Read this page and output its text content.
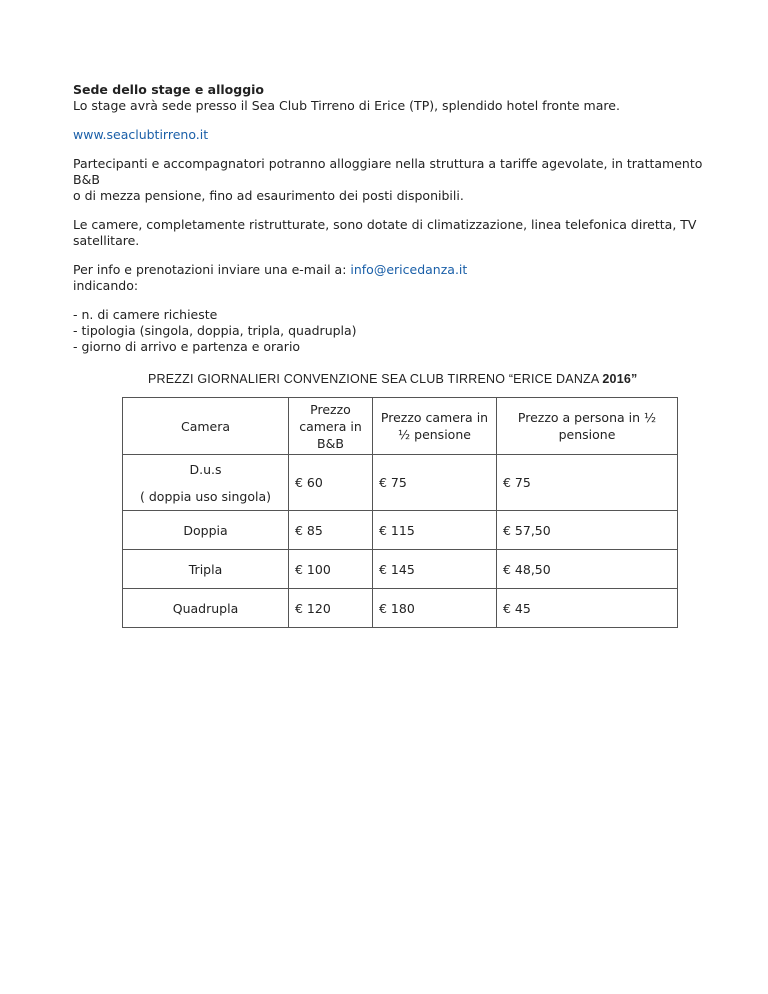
Sede dello stage e alloggio

Lo stage avrà sede presso il Sea Club Tirreno di Erice (TP), splendido hotel fronte mare.

www.seaclubtirreno.it

Partecipanti e accompagnatori potranno alloggiare nella struttura a tariffe agevolate, in trattamento B&B

o di mezza pensione, fino ad esaurimento dei posti disponibili.

Le camere, completamente ristrutturate, sono dotate di climatizzazione, linea telefonica diretta, TV

satellitare.

Per info e prenotazioni inviare una e-mail a: info@ericedanza.it

indicando:

- n. di camere richieste

- tipologia (singola, doppia, tripla, quadrupla)

- giorno di arrivo e partenza e orario

PREZZI GIORNALIERI CONVENZIONE SEA CLUB TIRRENO “ERICE DANZA 2016”
Camera	Prezzo camera in B&B	Prezzo camera in ½ pensione	Prezzo a persona in ½ pensione
D.u.s
( doppia uso singola)	€ 60	€ 75	€ 75
Doppia	€ 85	€ 115	€ 57,50
Tripla	€ 100	€ 145	€ 48,50
Quadrupla	€ 120	€ 180	€ 45
